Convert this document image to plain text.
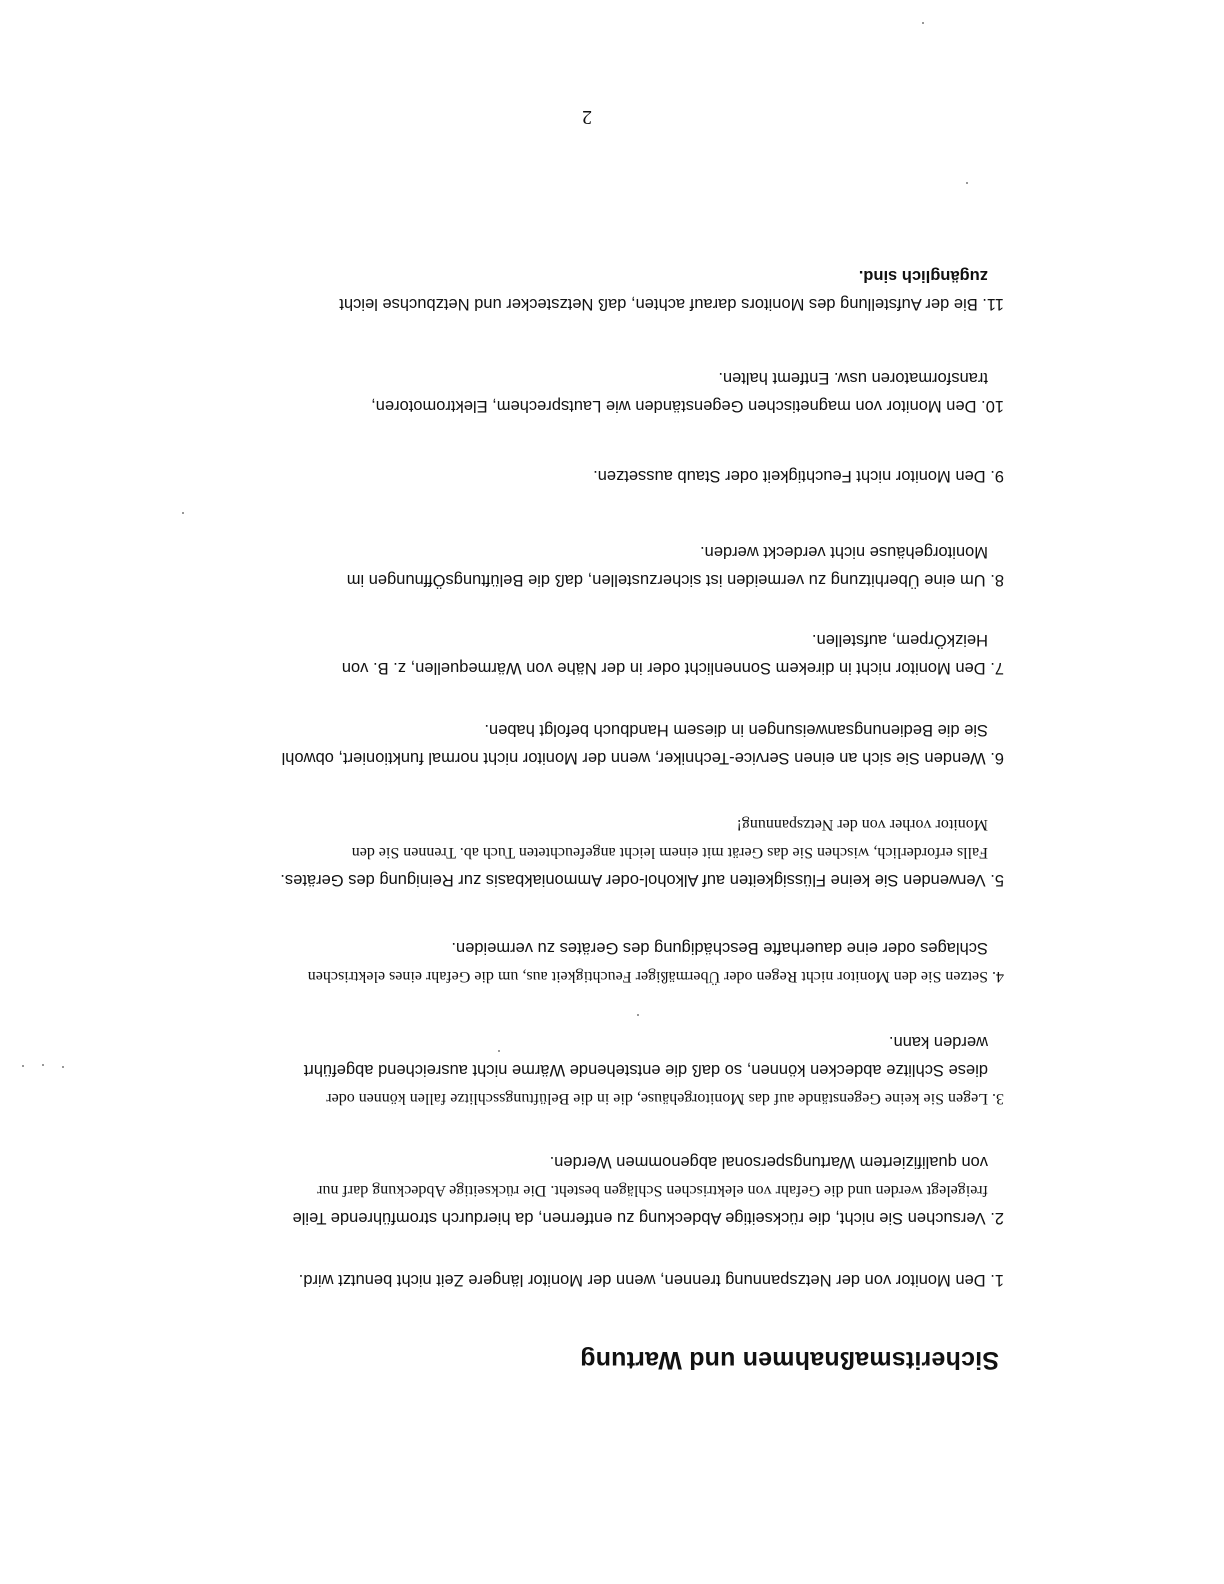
Sicheritsmaßnahmen und Wartung
1. Den Monitor von der Netzspannung trennen, wenn der Monitor längere Zeit nicht benutzt wird.
2. Versuchen Sie nicht, die rückseitige Abdeckung zu entfernen, da hierdurch stromführende Teile
freigelegt werden und die Gefahr von elektrischen Schlägen besteht. Die rückseitige Abdeckung darf nur
von qualifiziertem Wartungspersonal abgenommen Werden.
3. Legen Sie keine Gegenstände auf das Monitorgehäuse, die in die Belüftungsschlitze fallen können oder
diese Schlitze abdecken können, so daß die entstehende Wärme nicht ausreichend abgeführt
werden kann.
4. Setzen Sie den Monitor nicht Regen oder Übermäßiger Feuchtigkeit aus, um die Gefahr eines elektrischen
Schlages oder eine dauerhafte Beschädigung des Gerätes zu vermeiden.
5. Verwenden Sie keine Flüssigkeiten auf Alkohol-oder Ammoniakbasis zur Reinigung des Gerätes.
Falls erforderlich, wischen Sie das Gerät mit einem leicht angefeuchteten Tuch ab. Trennen Sie den
Monitor vorher von der Netzspannung!
6. Wenden Sie sich an einen Service-Techniker, wenn der Monitor nicht normal funktioniert, obwohl
Sie die Bedienungsanweisungen in diesem Handbuch befolgt haben.
7. Den Monitor nicht in direkem Sonnenlicht oder in der Nähe von Wärmequellen, z. B. von
HeizkÖrpem, aufstellen.
8. Um eine Überhitzung zu vermeiden ist sicherzustellen, daß die BelüftungsÖffnungen im
Monitorgehäuse nicht verdeckt werden.
9. Den Monitor nicht Feuchtigkeit oder Staub aussetzen.
10. Den Monitor von magnetischen Gegenständen wie Lautsprechem, Elektromotoren,
transformatoren usw. Entfemt halten.
11. Bie der Aufstellung des Monitors darauf achten, daß Netzstecker und Netzbuchse leicht
zugänglich sind.
2
